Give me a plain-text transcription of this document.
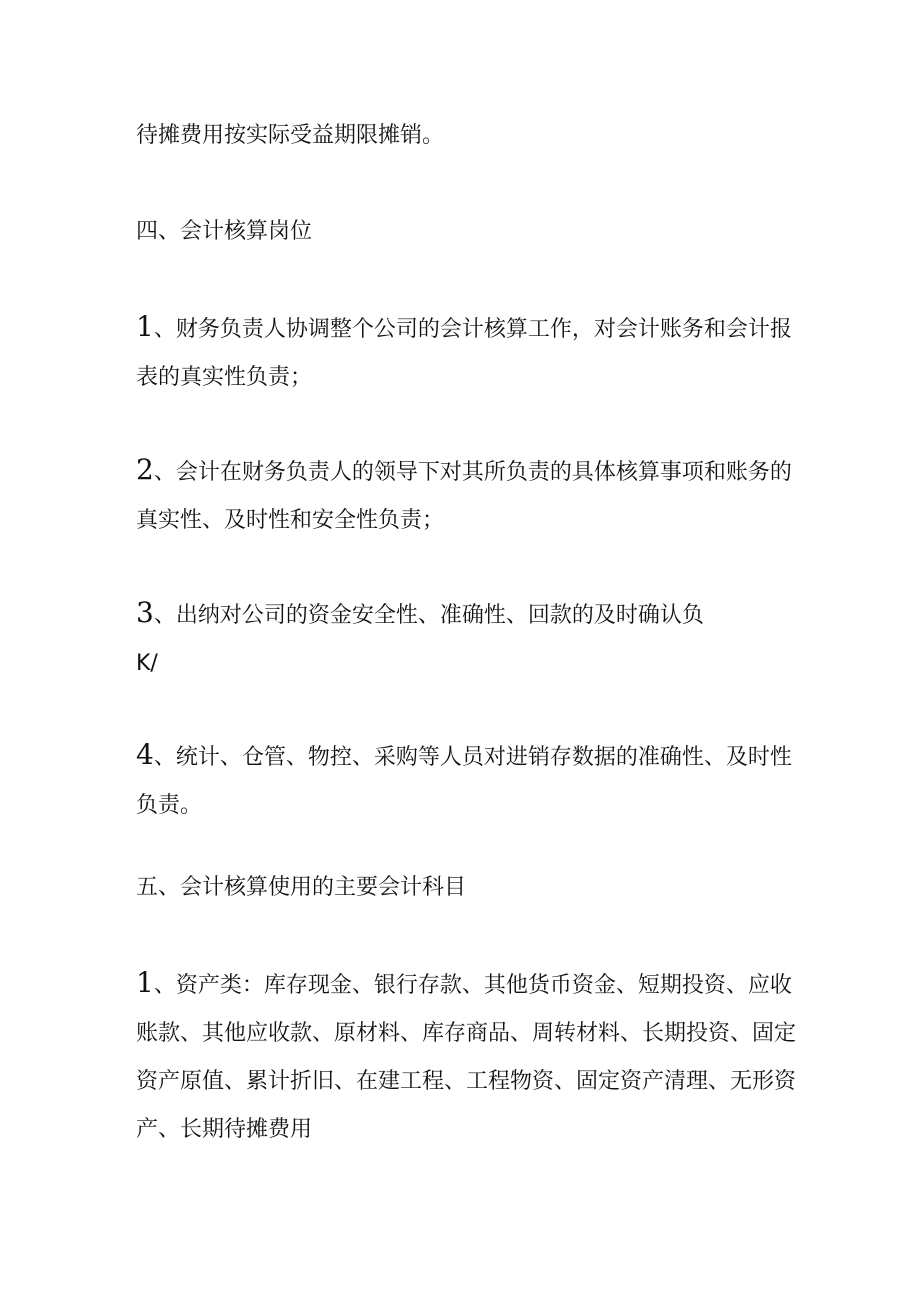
待摊费用按实际受益期限摊销。

四、会计核算岗位

1、财务负责人协调整个公司的会计核算工作，对会计账务和会计报
表的真实性负责；

2、会计在财务负责人的领导下对其所负责的具体核算事项和账务的
真实性、及时性和安全性负责；

3、出纳对公司的资金安全性、准确性、回款的及时确认负
K/

4、统计、仓管、物控、采购等人员对进销存数据的准确性、及时性
负责。

五、会计核算使用的主要会计科目

1、资产类：库存现金、银行存款、其他货币资金、短期投资、应收
账款、其他应收款、原材料、库存商品、周转材料、长期投资、固定
资产原值、累计折旧、在建工程、工程物资、固定资产清理、无形资
产、长期待摊费用
